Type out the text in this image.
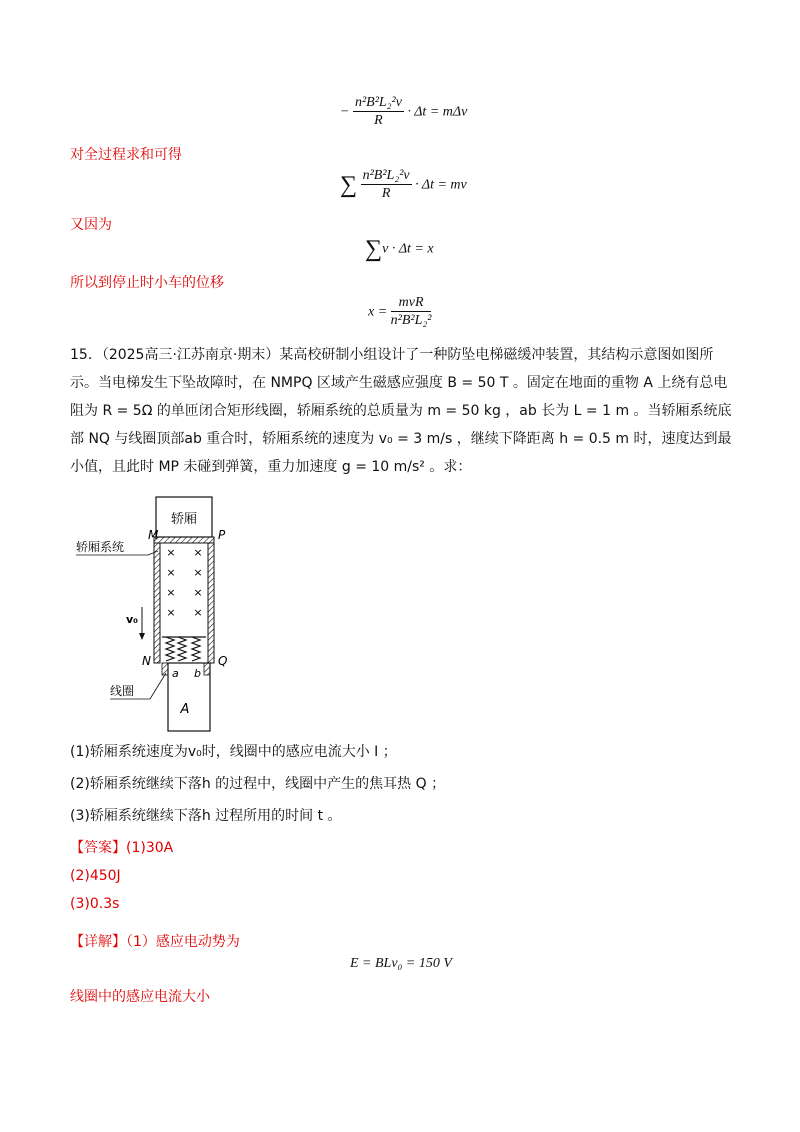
− $\frac{\text{n²B²L₂²v}}{R} \cdot \Delta t = m\Delta v$
对全过程求和可得
∑ $\frac{\text{n²B²L₂²v}}{R} \cdot \Delta t$ = mv
又因为
∑v · Δt = x
所以到停止时小车的位移
$x = \frac{\text{mvR}}{\text{n²B²L₂²}}$
15．（2025高三·江苏南京·期末）某高校研制小组设计了一种防坠电梯磁缓冲装置，其结构示意图如图所示。当电梯发生下坠故障时，在 NMPQ 区域产生磁感应强度 B = 50 T 。固定在地面的重物 A 上绕有总电阻为 R = 5Ω 的单匝闭合矩形线圈，轿厢系统的总质量为 m = 50 kg ，ab 长为 L = 1 m 。当轿厢系统底部 NQ 与线圈顶部ab 重合时，轿厢系统的速度为 v₀ = 3 m/s ，继续下降距离 h = 0.5 m 时，速度达到最小值，且此时 MP 未碰到弹簧，重力加速度 g = 10 m/s² 。求：
轿厢
× ×
× ×
× ×
× ×
M	P
N	Q
轿厢系统
v₀
A
a b
线圈
(1)轿厢系统速度为v₀时，线圈中的感应电流大小 I ；
(2)轿厢系统继续下落h 的过程中，线圈中产生的焦耳热 Q ；
(3)轿厢系统继续下落h 过程所用的时间 t 。
【答案】(1)30A
(2)450J
(3)0.3s
【详解】（1）感应电动势为
E = BLv₀ = 150 V
线圈中的感应电流大小
